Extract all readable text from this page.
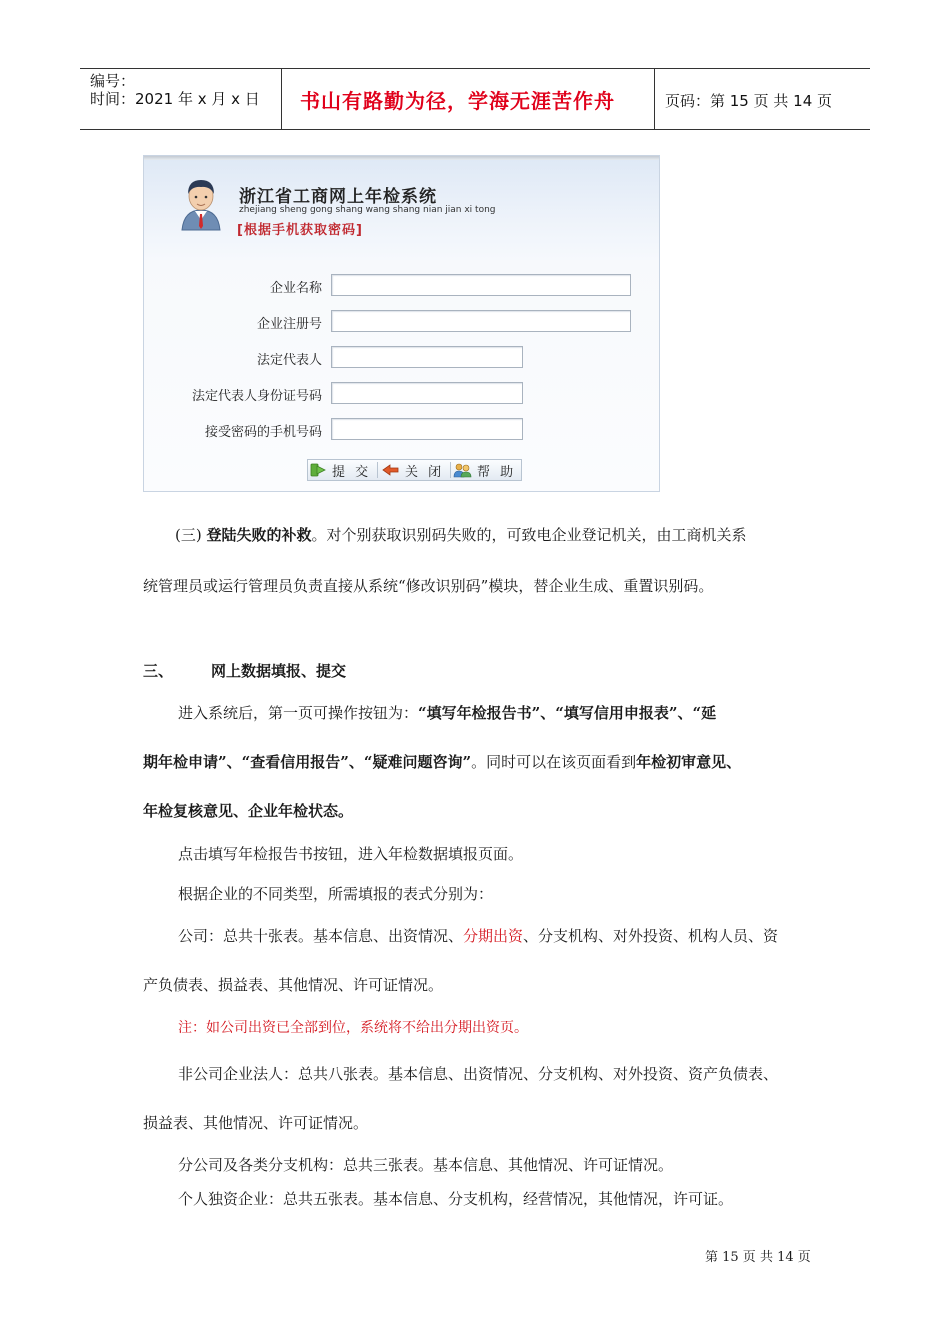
编号：
时间：2021 年 x 月 x 日 书山有路勤为径，学海无涯苦作舟	页码：第 15 页 共 14 页
浙江省工商网上年检系统
zhejiang sheng gong shang wang shang nian jian xi tong
[根据手机获取密码]
企业名称
企业注册号
法定代表人
法定代表人身份证号码
接受密码的手机号码
提 交	关 闭	帮 助
(三) 登陆失败的补救。对个别获取识别码失败的，可致电企业登记机关，由工商机关系
统管理员或运行管理员负责直接从系统“修改识别码”模块，替企业生成、重置识别码。
三、	网上数据填报、提交
进入系统后，第一页可操作按钮为：“填写年检报告书”、“填写信用申报表”、“延
期年检申请”、“查看信用报告”、“疑难问题咨询”。同时可以在该页面看到年检初审意见、
年检复核意见、企业年检状态。
点击填写年检报告书按钮，进入年检数据填报页面。
根据企业的不同类型，所需填报的表式分别为：
公司：总共十张表。基本信息、出资情况、分期出资、分支机构、对外投资、机构人员、资
产负债表、损益表、其他情况、许可证情况。
注：如公司出资已全部到位，系统将不给出分期出资页。
非公司企业法人：总共八张表。基本信息、出资情况、分支机构、对外投资、资产负债表、
损益表、其他情况、许可证情况。
分公司及各类分支机构：总共三张表。基本信息、其他情况、许可证情况。
个人独资企业：总共五张表。基本信息、分支机构，经营情况，其他情况，许可证。
第 15 页 共 14 页
